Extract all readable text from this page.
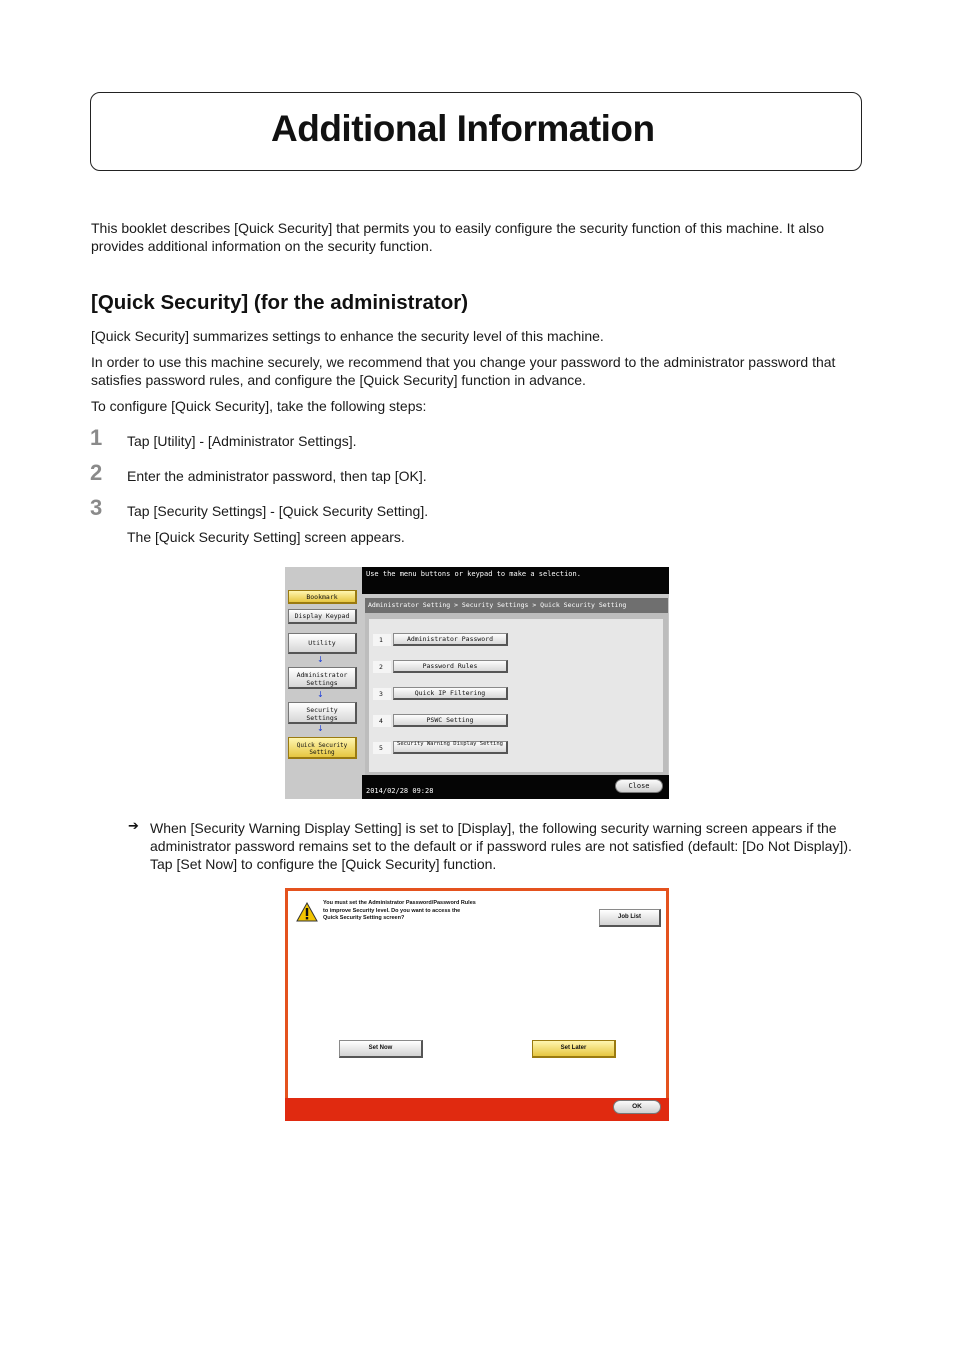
Additional Information
This booklet describes [Quick Security] that permits you to easily configure the security function of this machine. It also provides additional information on the security function.
[Quick Security] (for the administrator)
[Quick Security] summarizes settings to enhance the security level of this machine.
In order to use this machine securely, we recommend that you change your password to the administrator password that satisfies password rules, and configure the [Quick Security] function in advance.
To configure [Quick Security], take the following steps:
1 Tap [Utility] - [Administrator Settings].
2 Enter the administrator password, then tap [OK].
3 Tap [Security Settings] - [Quick Security Setting].
The [Quick Security Setting] screen appears.
Use the menu buttons or keypad to make a selection.
Bookmark
Display Keypad
Utility
↓
Administrator Settings
↓
Security Settings
↓
Quick Security Setting
Administrator Setting > Security Settings > Quick Security Setting
1	Administrator Password
2	Password Rules
3	Quick IP Filtering
4	PSWC Setting
5	Security Warning Display Setting
2014/02/28 09:28
Close
➔ When [Security Warning Display Setting] is set to [Display], the following security warning screen appears if the
administrator password remains set to the default or if password rules are not satisfied (default: [Do Not Display]).
Tap [Set Now] to configure the [Quick Security] function.
You must set the Administrator Password/Password Rules
to improve Security level. Do you want to access the
Quick Security Setting screen?	Job List
Set Now	Set Later
OK
